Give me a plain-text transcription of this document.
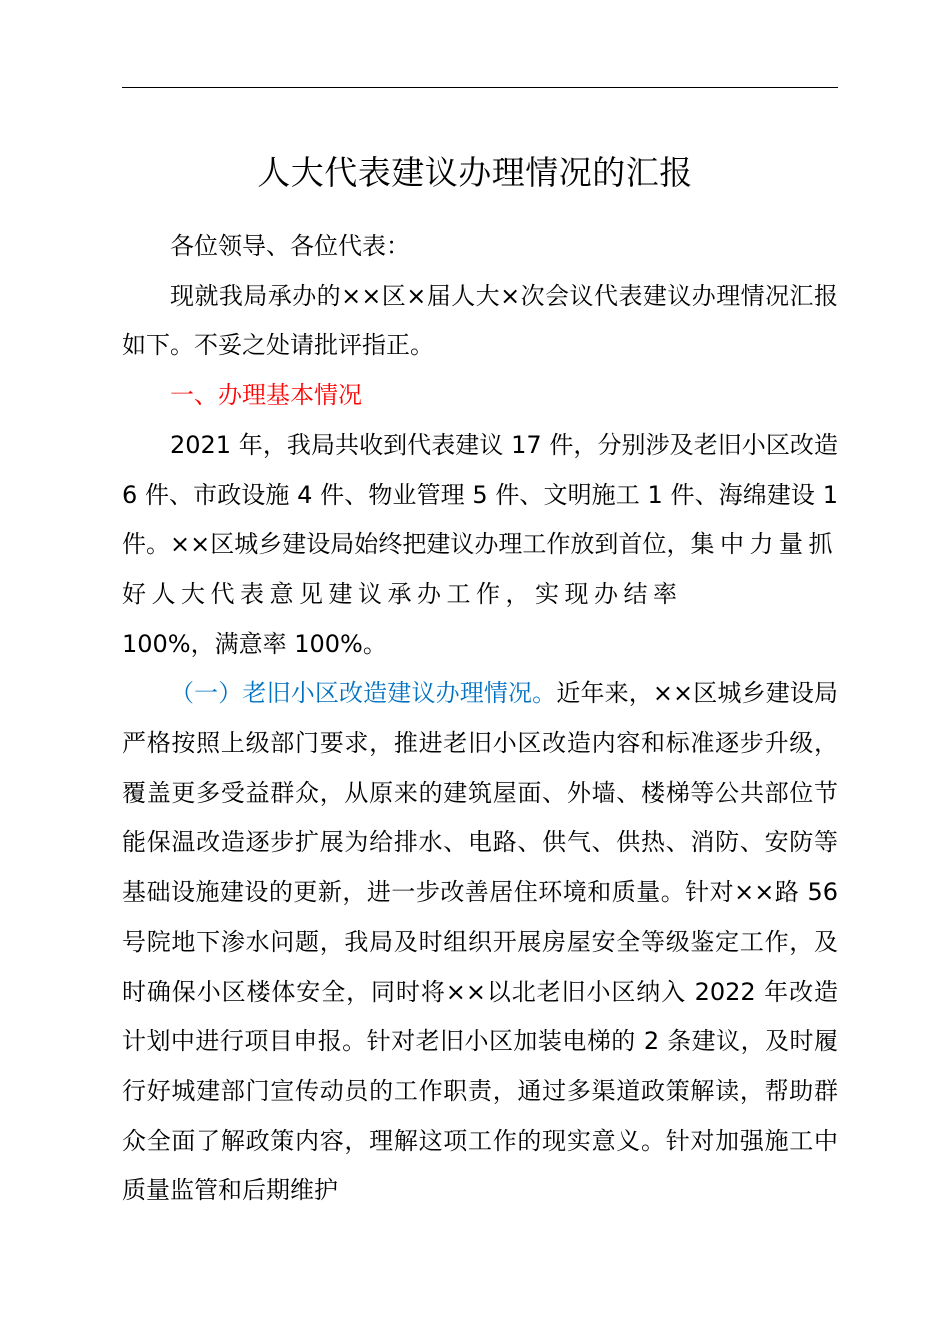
人大代表建议办理情况的汇报

各位领导、各位代表：

现就我局承办的××区×届人大×次会议代表建议办理情况汇报如下。不妥之处请批评指正。

一、办理基本情况

2021 年，我局共收到代表建议 17 件，分别涉及老旧小区改造 6 件、市政设施 4 件、物业管理 5 件、文明施工 1 件、海绵建设 1 件。××区城乡建设局始终把建议办理工作放到首位，集中力量抓好人大代表意见建议承办工作，实现办结率
100%，满意率 100%。

（一）老旧小区改造建议办理情况。近年来，××区城乡建设局严格按照上级部门要求，推进老旧小区改造内容和标准逐步升级，覆盖更多受益群众，从原来的建筑屋面、外墙、楼梯等公共部位节能保温改造逐步扩展为给排水、电路、供气、供热、消防、安防等基础设施建设的更新，进一步改善居住环境和质量。针对××路 56 号院地下渗水问题，我局及时组织开展房屋安全等级鉴定工作，及时确保小区楼体安全，同时将××以北老旧小区纳入 2022 年改造计划中进行项目申报。针对老旧小区加装电梯的 2 条建议，及时履行好城建部门宣传动员的工作职责，通过多渠道政策解读，帮助群众全面了解政策内容，理解这项工作的现实意义。针对加强施工中质量监管和后期维护
